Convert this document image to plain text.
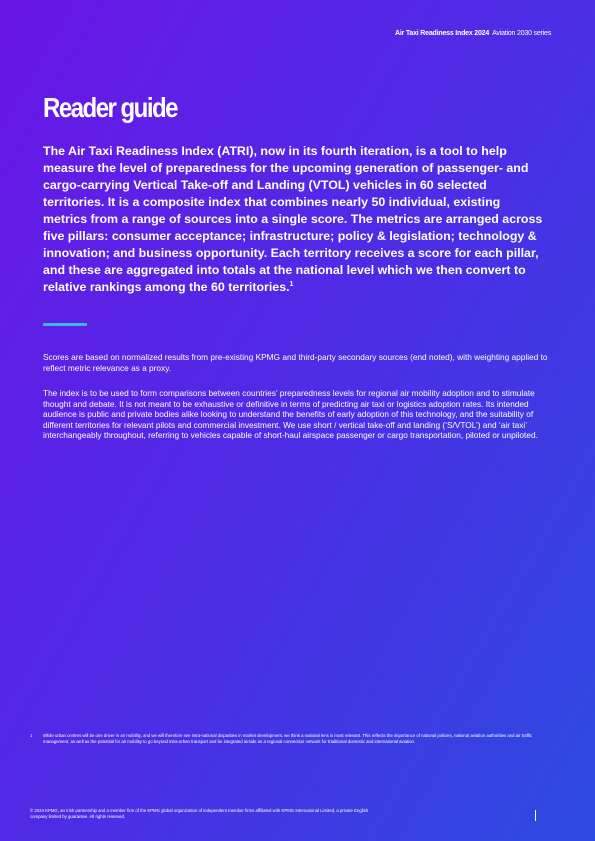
Air Taxi Readiness Index 2024 Aviation 2030 series
Reader guide

The Air Taxi Readiness Index (ATRI), now in its fourth iteration, is a tool to help measure the level of preparedness for the upcoming generation of passenger- and cargo-carrying Vertical Take-off and Landing (VTOL) vehicles in 60 selected territories. It is a composite index that combines nearly 50 individual, existing metrics from a range of sources into a single score. The metrics are arranged across five pillars: consumer acceptance; infrastructure; policy & legislation; technology & innovation; and business opportunity. Each territory receives a score for each pillar, and these are aggregated into totals at the national level which we then convert to relative rankings among the 60 territories.$^1$

Scores are based on normalized results from pre-existing KPMG and third-party secondary sources (end noted), with weighting applied to reflect metric relevance as a proxy.

The index is to be used to form comparisons between countries’ preparedness levels for regional air mobility adoption and to stimulate thought and debate. It is not meant to be exhaustive or definitive in terms of predicting air taxi or logistics adoption rates. Its intended audience is public and private bodies alike looking to understand the benefits of early adoption of this technology, and the suitability of different territories for relevant pilots and commercial investment. We use short / vertical take-off and landing (‘S/VTOL’) and ‘air taxi’ interchangeably throughout, referring to vehicles capable of short-haul airspace passenger or cargo transportation, piloted or unpiloted.

1 While urban centres will be one driver in air mobility, and we will therefore see intra-national disparities in market development, we think a national lens is most relevant. This reflects the importance of national policies, national aviation authorities and air traffic management, as well as the potential for air mobility to go beyond intra-urban transport and be integrated airside as a regional connection network for traditional domestic and international aviation.

© 2024 KPMG, an Irish partnership and a member firm of the KPMG global organization of independent member firms affiliated with KPMG International Limited, a private English company limited by guarantee. All rights reserved.
